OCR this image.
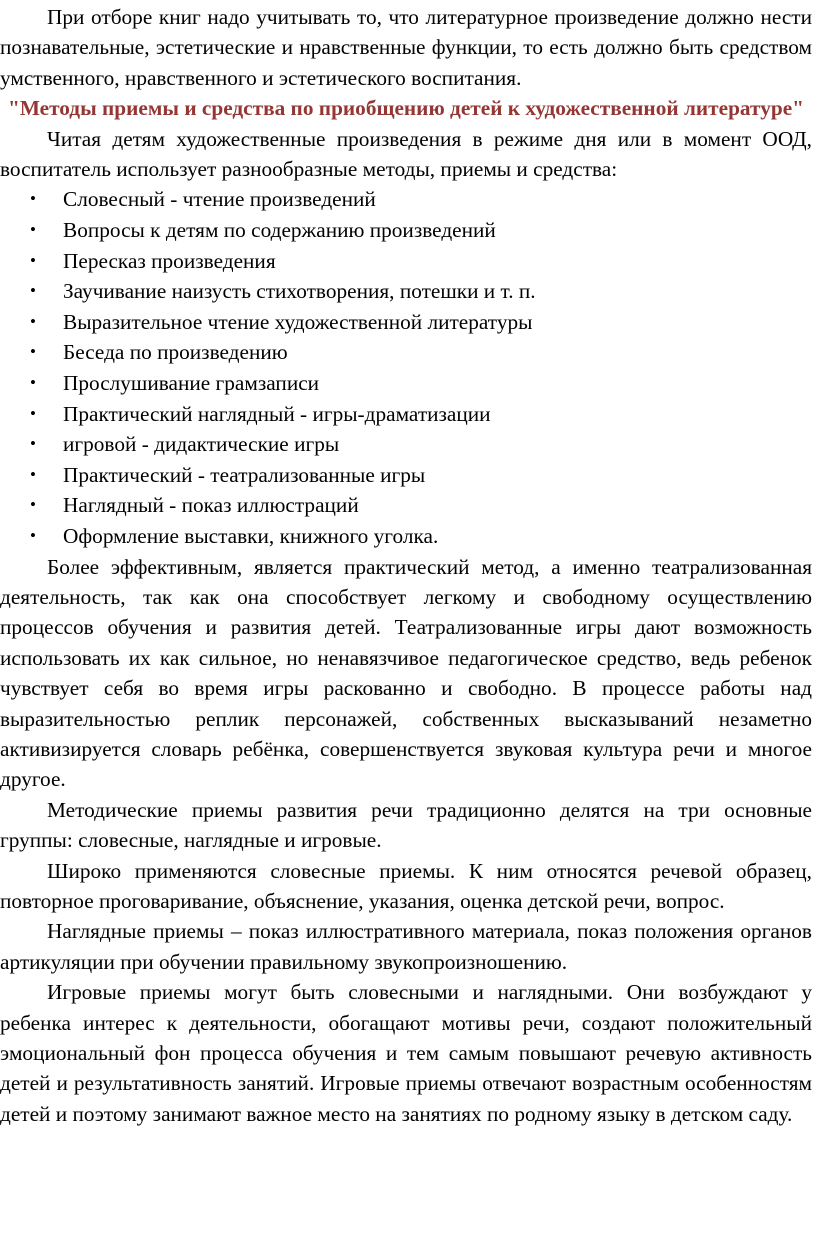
При отборе книг надо учитывать то, что литературное произведение должно нести познавательные, эстетические и нравственные функции, то есть должно быть средством умственного, нравственного и эстетического воспитания.

"Методы приемы и средства по приобщению детей к художественной литературе"

Читая детям художественные произведения в режиме дня или в момент ООД, воспитатель использует разнообразные методы, приемы и средства:

• Словесный - чтение произведений
• Вопросы к детям по содержанию произведений
• Пересказ произведения
• Заучивание наизусть стихотворения, потешки и т. п.
• Выразительное чтение художественной литературы
• Беседа по произведению
• Прослушивание грамзаписи
• Практический наглядный - игры-драматизации
• игровой - дидактические игры
• Практический - театрализованные игры
• Наглядный - показ иллюстраций
• Оформление выставки, книжного уголка.

Более эффективным, является практический метод, а именно театрализованная деятельность, так как она способствует легкому и свободному осуществлению процессов обучения и развития детей. Театрализованные игры дают возможность использовать их как сильное, но ненавязчивое педагогическое средство, ведь ребенок чувствует себя во время игры раскованно и свободно. В процессе работы над выразительностью реплик персонажей, собственных высказываний незаметно активизируется словарь ребёнка, совершенствуется звуковая культура речи и многое другое.

Методические приемы развития речи традиционно делятся на три основные группы: словесные, наглядные и игровые.

Широко применяются словесные приемы. К ним относятся речевой образец, повторное проговаривание, объяснение, указания, оценка детской речи, вопрос.

Наглядные приемы – показ иллюстративного материала, показ положения органов артикуляции при обучении правильному звукопроизношению.

Игровые приемы могут быть словесными и наглядными. Они возбуждают у ребенка интерес к деятельности, обогащают мотивы речи, создают положительный эмоциональный фон процесса обучения и тем самым повышают речевую активность детей и результативность занятий. Игровые приемы отвечают возрастным особенностям детей и поэтому занимают важное место на занятиях по родному языку в детском саду.
